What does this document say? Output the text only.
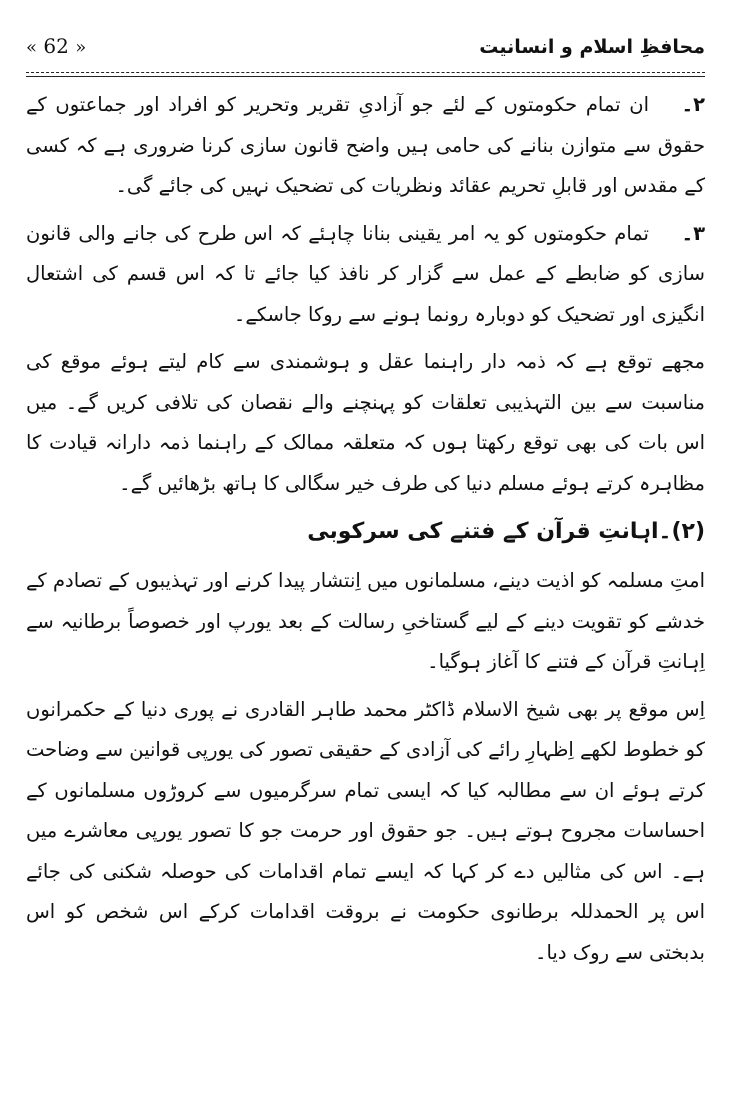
محافظِ اسلام و انسانیت
« 62 »

٢۔ان تمام حکومتوں کے لئے جو آزادیِ تقریر وتحریر کو افراد اور جماعتوں کے حقوق سے متوازن بنانے کی حامی ہیں واضح قانون سازی کرنا ضروری ہے کہ کسی کے مقدس اور قابلِ تحریم عقائد ونظریات کی تضحیک نہیں کی جائے گی۔

٣۔تمام حکومتوں کو یہ امر یقینی بنانا چاہئے کہ اس طرح کی جانے والی قانون سازی کو ضابطے کے عمل سے گزار کر نافذ کیا جائے تا کہ اس قسم کی اشتعال انگیزی اور تضحیک کو دوبارہ رونما ہونے سے روکا جاسکے۔

مجھے توقع ہے کہ ذمہ دار راہنما عقل و ہوشمندی سے کام لیتے ہوئے موقع کی مناسبت سے بین التہذیبی تعلقات کو پہنچنے والے نقصان کی تلافی کریں گے۔ میں اس بات کی بھی توقع رکھتا ہوں کہ متعلقہ ممالک کے راہنما ذمہ دارانہ قیادت کا مظاہرہ کرتے ہوئے مسلم دنیا کی طرف خیر سگالی کا ہاتھ بڑھائیں گے۔

(٢)۔اہانتِ قرآن کے فتنے کی سرکوبی

امتِ مسلمہ کو اذیت دینے، مسلمانوں میں اِنتشار پیدا کرنے اور تہذیبوں کے تصادم کے خدشے کو تقویت دینے کے لیے گستاخیِ رسالت کے بعد یورپ اور خصوصاً برطانیہ سے اِہانتِ قرآن کے فتنے کا آغاز ہوگیا۔

اِس موقع پر بھی شیخ الاسلام ڈاکٹر محمد طاہر القادری نے پوری دنیا کے حکمرانوں کو خطوط لکھے اِظہارِ رائے کی آزادی کے حقیقی تصور کی یورپی قوانین سے وضاحت کرتے ہوئے ان سے مطالبہ کیا کہ ایسی تمام سرگرمیوں سے کروڑوں مسلمانوں کے احساسات مجروح ہوتے ہیں۔ جو حقوق اور حرمت جو کا تصور یورپی معاشرے میں ہے۔ اس کی مثالیں دے کر کہا کہ ایسے تمام اقدامات کی حوصلہ شکنی کی جائے اس پر الحمدللہ برطانوی حکومت نے بروقت اقدامات کرکے اس شخص کو اس بدبختی سے روک دیا۔
